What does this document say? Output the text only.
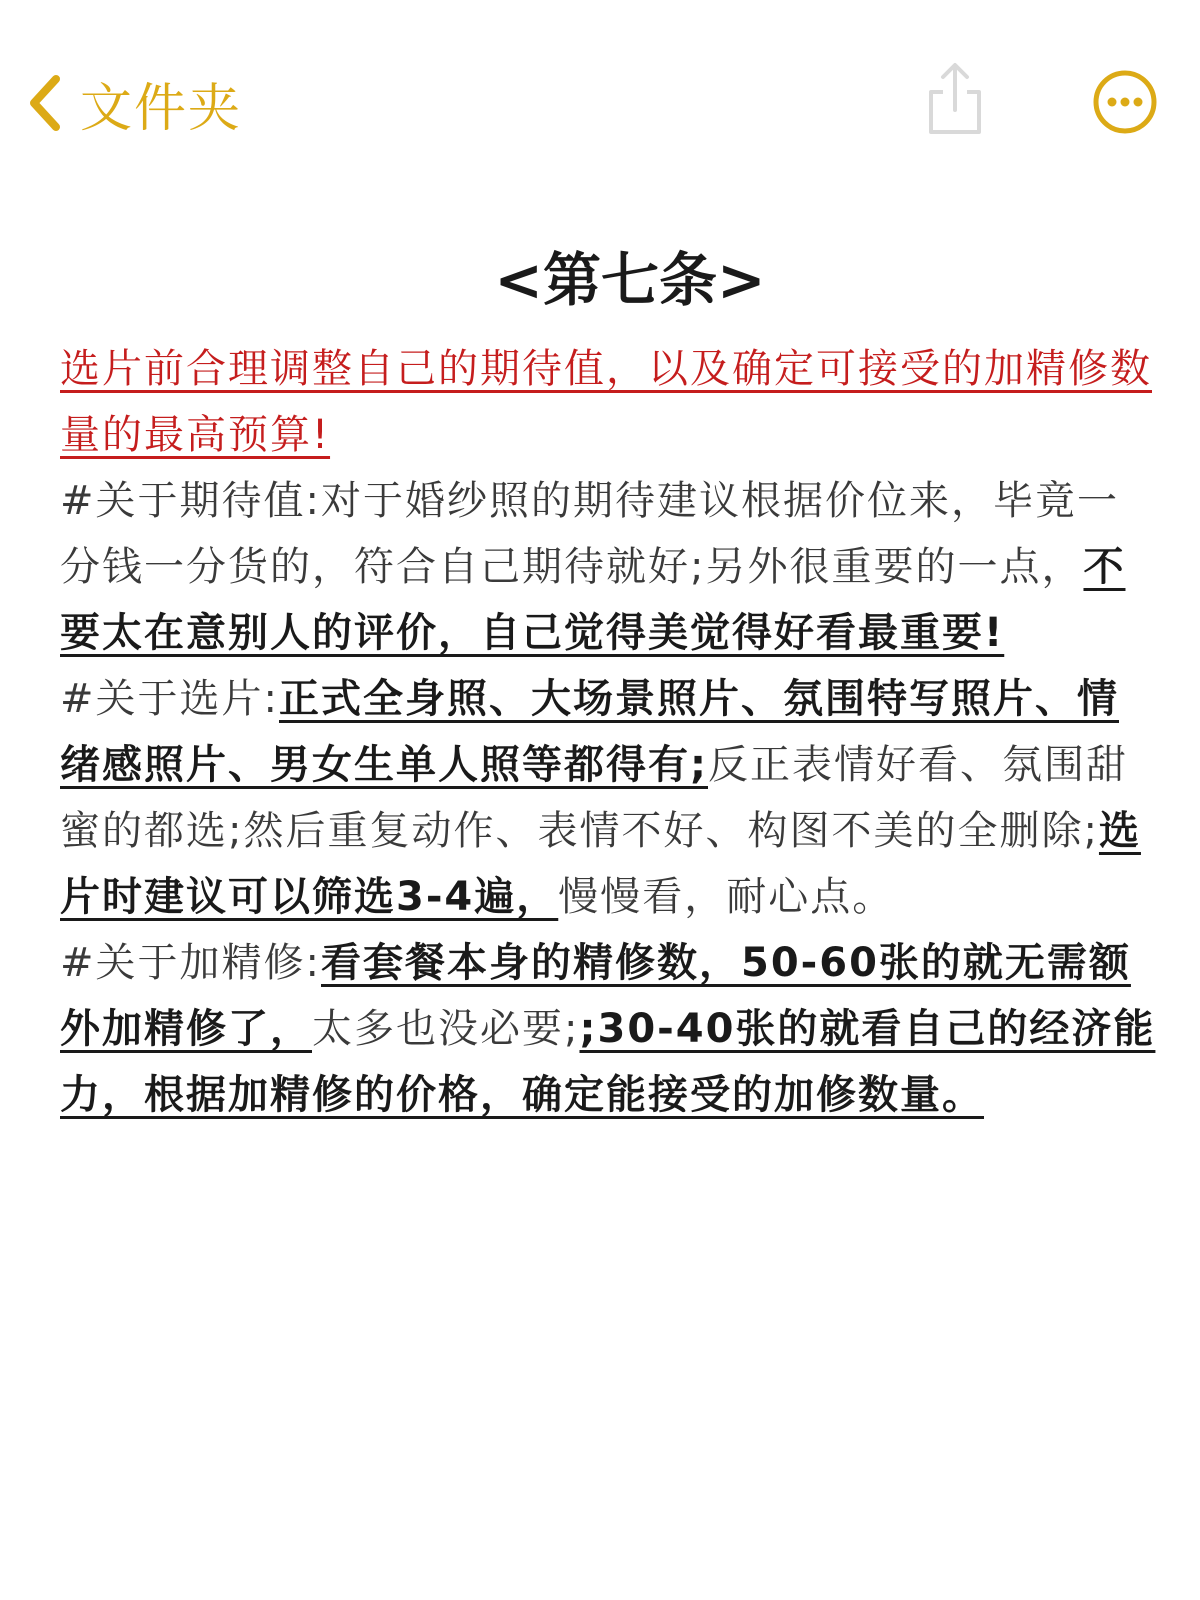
文件夹
<第七条>

选片前合理调整自己的期待值，以及确定可接受的加精修数量的最高预算!
#关于期待值:对于婚纱照的期待建议根据价位来，毕竟一分钱一分货的，符合自己期待就好;另外很重要的一点，不要太在意别人的评价，自己觉得美觉得好看最重要!
#关于选片:正式全身照、大场景照片、氛围特写照片、情绪感照片、男女生单人照等都得有;反正表情好看、氛围甜蜜的都选;然后重复动作、表情不好、构图不美的全删除;选片时建议可以筛选3-4遍，慢慢看，耐心点。
#关于加精修:看套餐本身的精修数，50-60张的就无需额外加精修了，太多也没必要;;30-40张的就看自己的经济能力，根据加精修的价格，确定能接受的加修数量。
